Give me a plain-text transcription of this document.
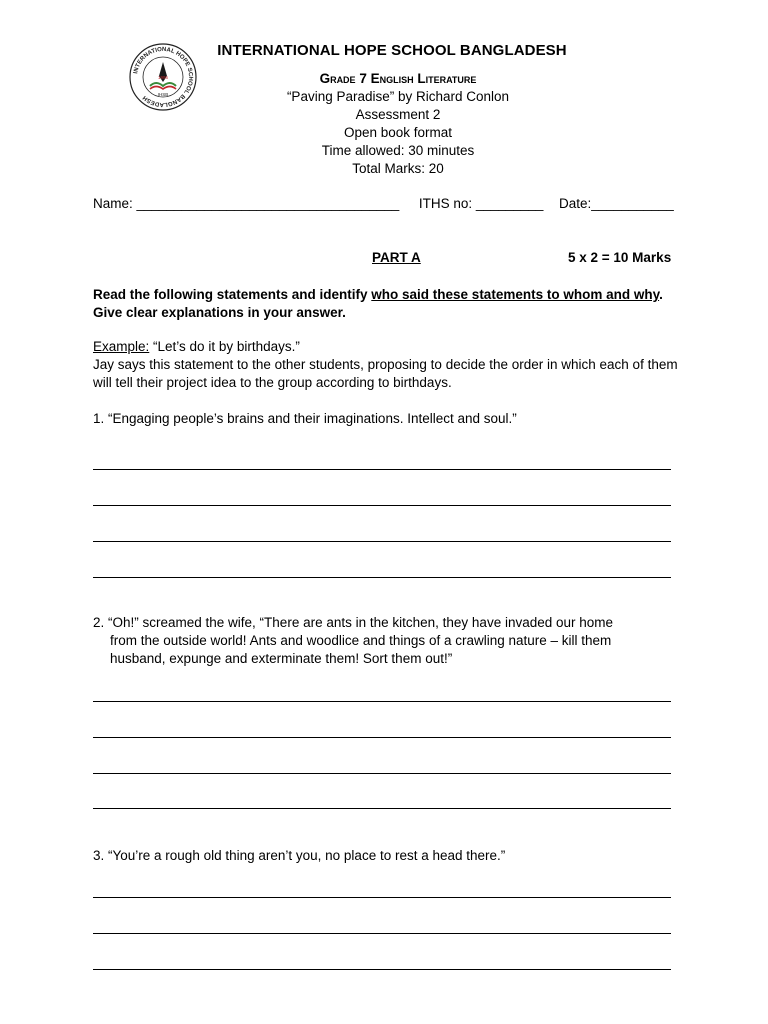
INTERNATIONAL HOPE SCHOOL BANGLADESH
1996
IHSB
INTERNATIONAL HOPE SCHOOL BANGLADESH
Grade 7 English Literature
“Paving Paradise” by Richard Conlon
Assessment 2
Open book format
Time allowed: 30 minutes
Total Marks: 20
Name: ___________________________________ ITHS no: _________ Date:___________
PART A	5 x 2 = 10 Marks
Read the following statements and identify who said these statements to whom and why.
Give clear explanations in your answer.
Example: “Let’s do it by birthdays.”
Jay says this statement to the other students, proposing to decide the order in which each of them will tell their project idea to the group according to birthdays.
1. “Engaging people’s brains and their imaginations. Intellect and soul.”
2. “Oh!” screamed the wife, “There are ants in the kitchen, they have invaded our home
from the outside world! Ants and woodlice and things of a crawling nature – kill them
husband, expunge and exterminate them! Sort them out!”
3. “You’re a rough old thing aren’t you, no place to rest a head there.”
